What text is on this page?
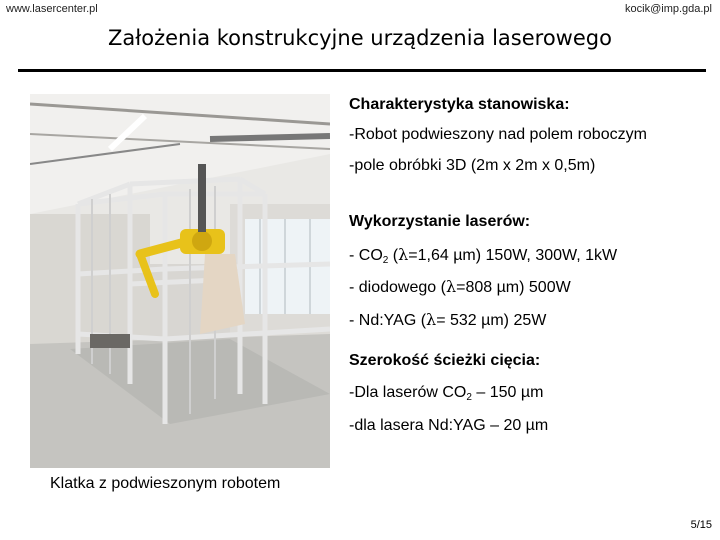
www.lasercenter.pl	kocik@imp.gda.pl
Założenia konstrukcyjne urządzenia laserowego
Klatka z podwieszonym robotem
Charakterystyka stanowiska:
-Robot podwieszony nad polem roboczym
-pole obróbki 3D (2m x 2m x 0,5m)
Wykorzystanie laserów:
- $CO_2$ (λ=1,64 µm) 150W, 300W, 1kW
- diodowego (λ=808 µm) 500W
- Nd:YAG (λ= 532 µm) 25W
Szerokość ścieżki cięcia:
-Dla laserów $CO_2 - 150$ µm
-dla lasera Nd:YAG – 20 µm
5/15
